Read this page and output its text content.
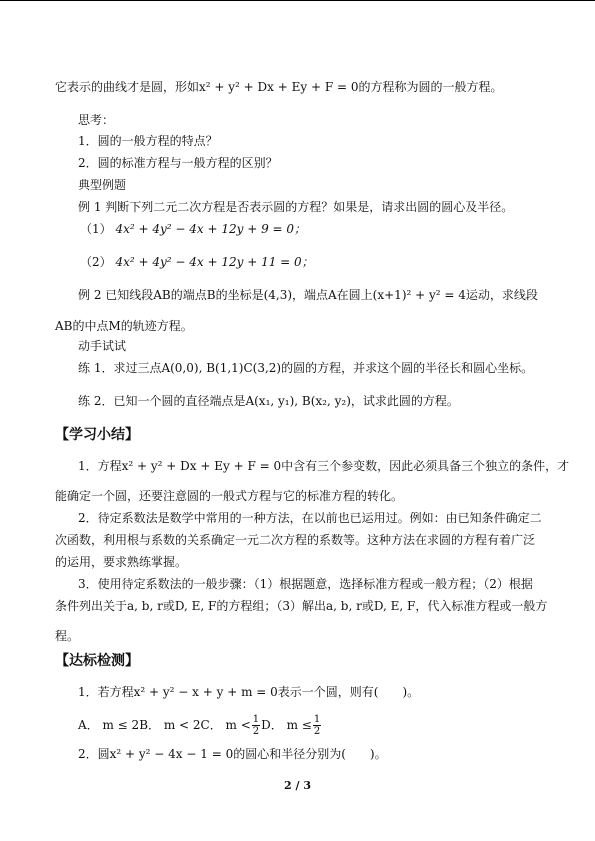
它表示的曲线才是圆，形如x² + y² + Dx + Ey + F = 0的方程称为圆的一般方程。
思考：
1．圆的一般方程的特点？
2．圆的标准方程与一般方程的区别？
典型例题
例 1 判断下列二元二次方程是否表示圆的方程？如果是，请求出圆的圆心及半径。
（1） 4x² + 4y² − 4x + 12y + 9 = 0；
（2） 4x² + 4y² − 4x + 12y + 11 = 0；
例 2 已知线段AB的端点B的坐标是(4,3)，端点A在圆上(x+1)² + y² = 4运动，求线段
AB的中点M的轨迹方程。
动手试试
练 1．求过三点A(0,0), B(1,1)C(3,2)的圆的方程，并求这个圆的半径长和圆心坐标。
练 2．已知一个圆的直径端点是A(x₁, y₁), B(x₂, y₂)，试求此圆的方程。
【学习小结】
1．方程x² + y² + Dx + Ey + F = 0中含有三个参变数，因此必须具备三个独立的条件，才
能确定一个圆，还要注意圆的一般式方程与它的标准方程的转化。
2．待定系数法是数学中常用的一种方法，在以前也已运用过。例如：由已知条件确定二
次函数，利用根与系数的关系确定一元二次方程的系数等。这种方法在求圆的方程有着广泛
的运用，要求熟练掌握。
3．使用待定系数法的一般步骤：（1）根据题意，选择标准方程或一般方程；（2）根据
条件列出关于a, b, r或D, E, F的方程组；（3）解出a, b, r或D, E, F，代入标准方程或一般方
程。
【达标检测】
1．若方程x² + y² − x + y + m = 0表示一个圆，则有(　　)。
A． m ≤ 2B． m < 2C． $m < \frac{1}{2}$ D． $m \le \frac{1}{2}$
2．圆x² + y² − 4x − 1 = 0的圆心和半径分别为(　　)。
2 / 3
